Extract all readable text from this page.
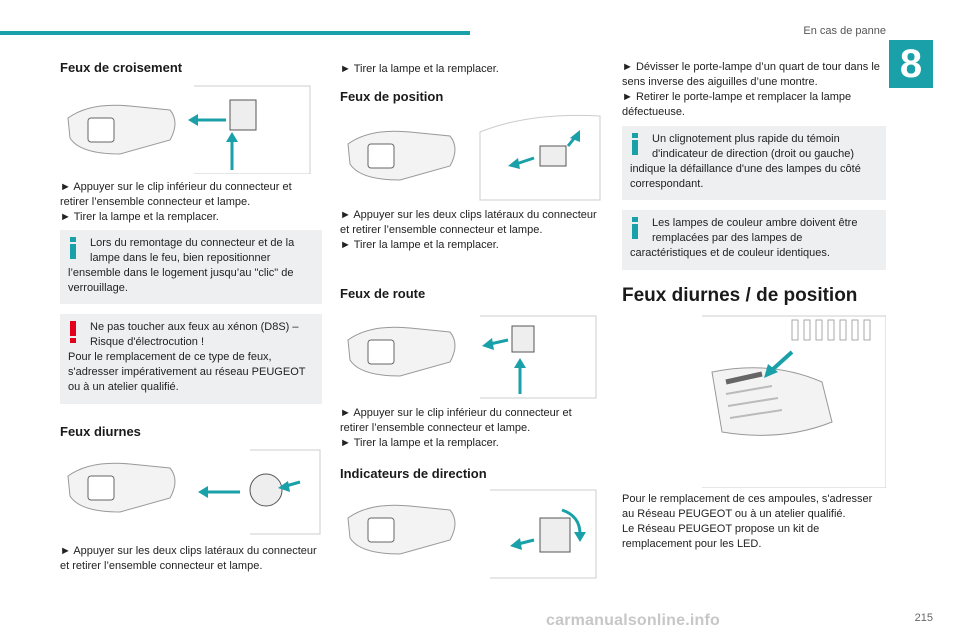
En cas de panne
8
Feux de croisement

► Appuyer sur le clip inférieur du connecteur et retirer l’ensemble connecteur et lampe.

► Tirer la lampe et la remplacer.

Lors du remontage du connecteur et de la lampe dans le feu, bien repositionner
l’ensemble dans le logement jusqu’au "clic" de verrouillage.
Ne pas toucher aux feux au xénon (D8S) – Risque d'électrocution !
Pour le remplacement de ce type de feux, s'adresser impérativement au réseau PEUGEOT ou à un atelier qualifié.
Feux diurnes

► Appuyer sur les deux clips latéraux du connecteur et retirer l’ensemble connecteur et lampe.

► Tirer la lampe et la remplacer.

Feux de position

► Appuyer sur les deux clips latéraux du connecteur et retirer l’ensemble connecteur et lampe.

► Tirer la lampe et la remplacer.

Feux de route

► Appuyer sur le clip inférieur du connecteur et retirer l’ensemble connecteur et lampe.

► Tirer la lampe et la remplacer.

Indicateurs de direction

► Dévisser le porte-lampe d’un quart de tour dans le sens inverse des aiguilles d’une montre.

► Retirer le porte-lampe et remplacer la lampe défectueuse.

Un clignotement plus rapide du témoin d'indicateur de direction (droit ou gauche)
indique la défaillance d'une des lampes du côté correspondant.
Les lampes de couleur ambre doivent être remplacées par des lampes de
caractéristiques et de couleur identiques.
Feux diurnes / de position

Pour le remplacement de ces ampoules, s'adresser au Réseau PEUGEOT ou à un atelier qualifié.

Le Réseau PEUGEOT propose un kit de remplacement pour les LED.

carmanualsonline.info	215
